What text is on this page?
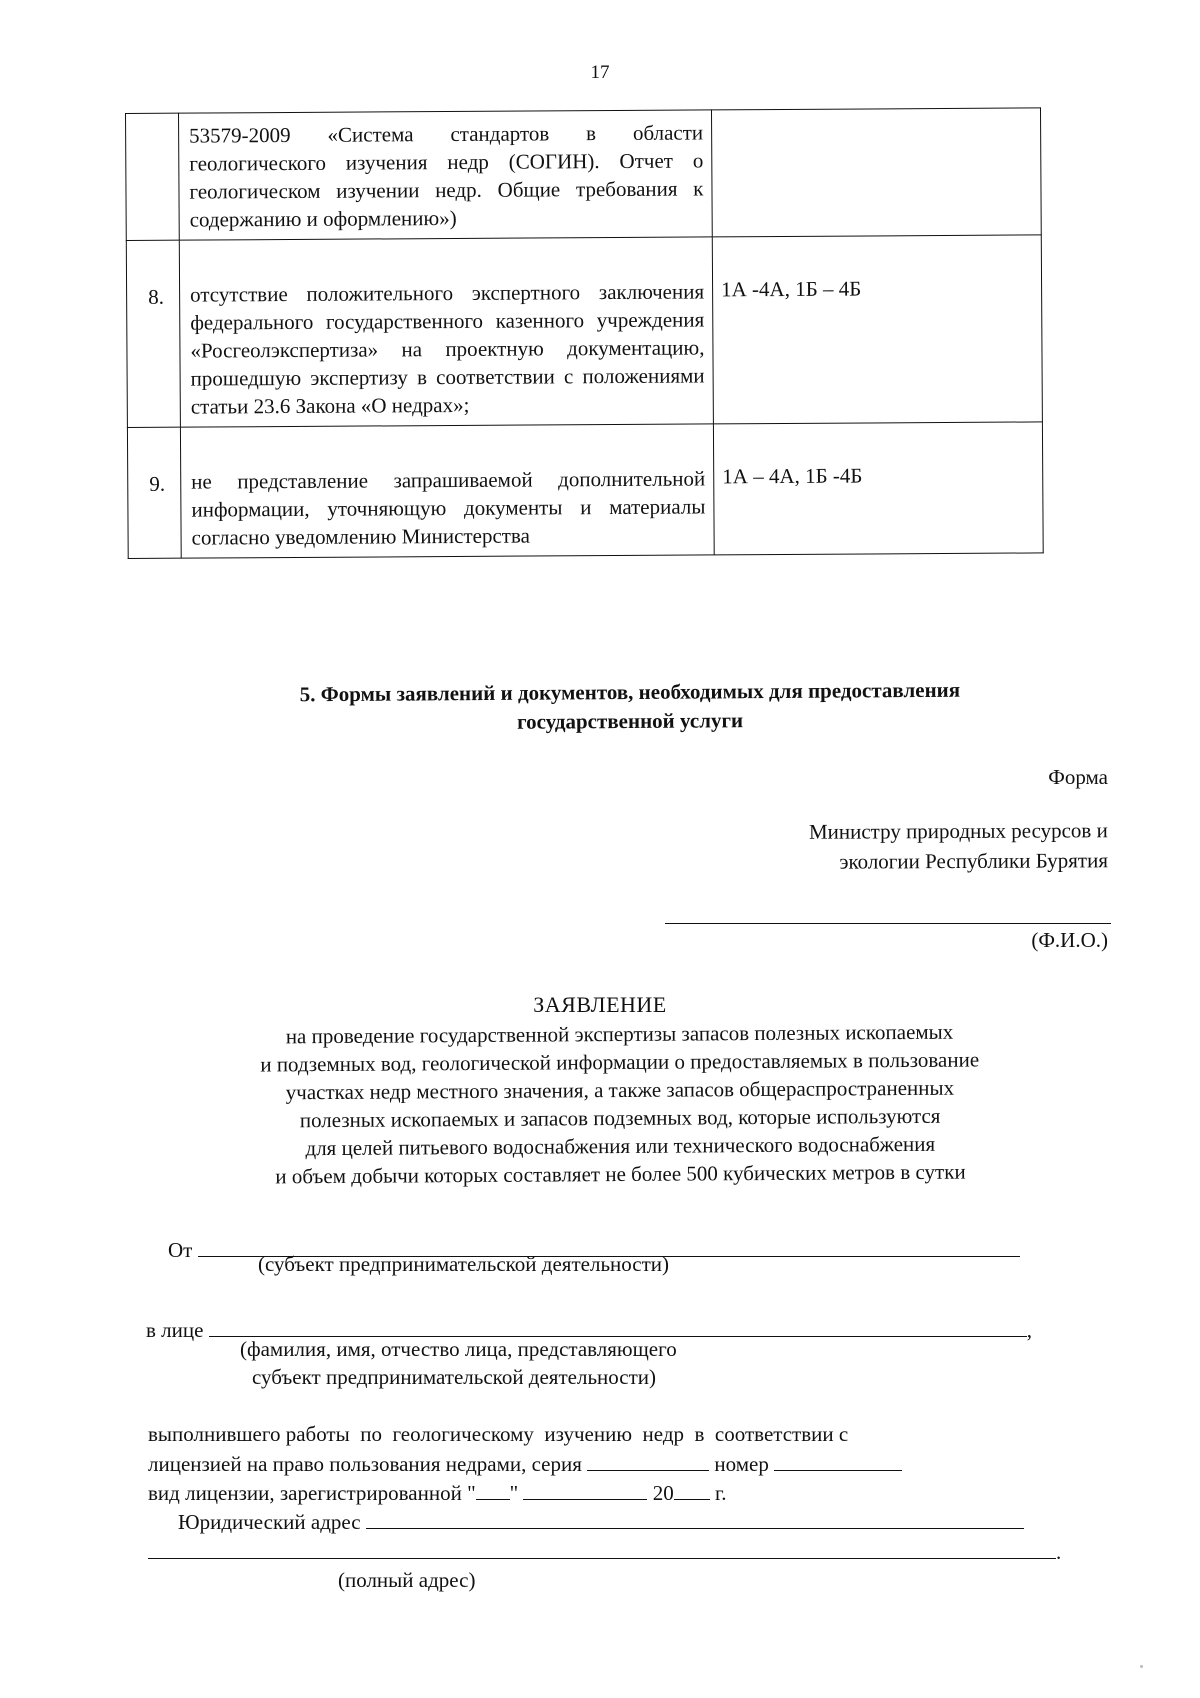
17

	53579-2009 «Система стандартов в области геологического изучения недр (СОГИН). Отчет о геологическом изучении недр. Общие требования к содержанию и оформлению»)	

8.	отсутствие положительного экспертного заключения федерального государственного казенного учреждения «Росгеолэкспертиза» на проектную документацию, прошедшую экспертизу в соответствии с положениями статьи 23.6 Закона «О недрах»;	1А -4А, 1Б – 4Б

9.	не представление запрашиваемой дополнительной информации, уточняющую документы и материалы согласно уведомлению Министерства	1А – 4А, 1Б -4Б
5. Формы заявлений и документов, необходимых для предоставления
государственной услуги
Форма
Министру природных ресурсов и
экологии Республики Бурятия
(Ф.И.О.)
ЗАЯВЛЕНИЕ
на проведение государственной экспертизы запасов полезных ископаемых
и подземных вод, геологической информации о предоставляемых в пользование
участках недр местного значения, а также запасов общераспространенных
полезных ископаемых и запасов подземных вод, которые используются
для целей питьевого водоснабжения или технического водоснабжения
и объем добычи которых составляет не более 500 кубических метров в сутки
От
(субъект предпринимательской деятельности)
в лице	,
(фамилия, имя, отчество лица, представляющего
субъект предпринимательской деятельности)
выполнившего работы  по  геологическому  изучению  недр  в  соответствии с
лицензией на право пользования недрами, серия	номер
вид лицензии, зарегистрированной " "	20 г.
Юридический адрес
.
(полный адрес)
